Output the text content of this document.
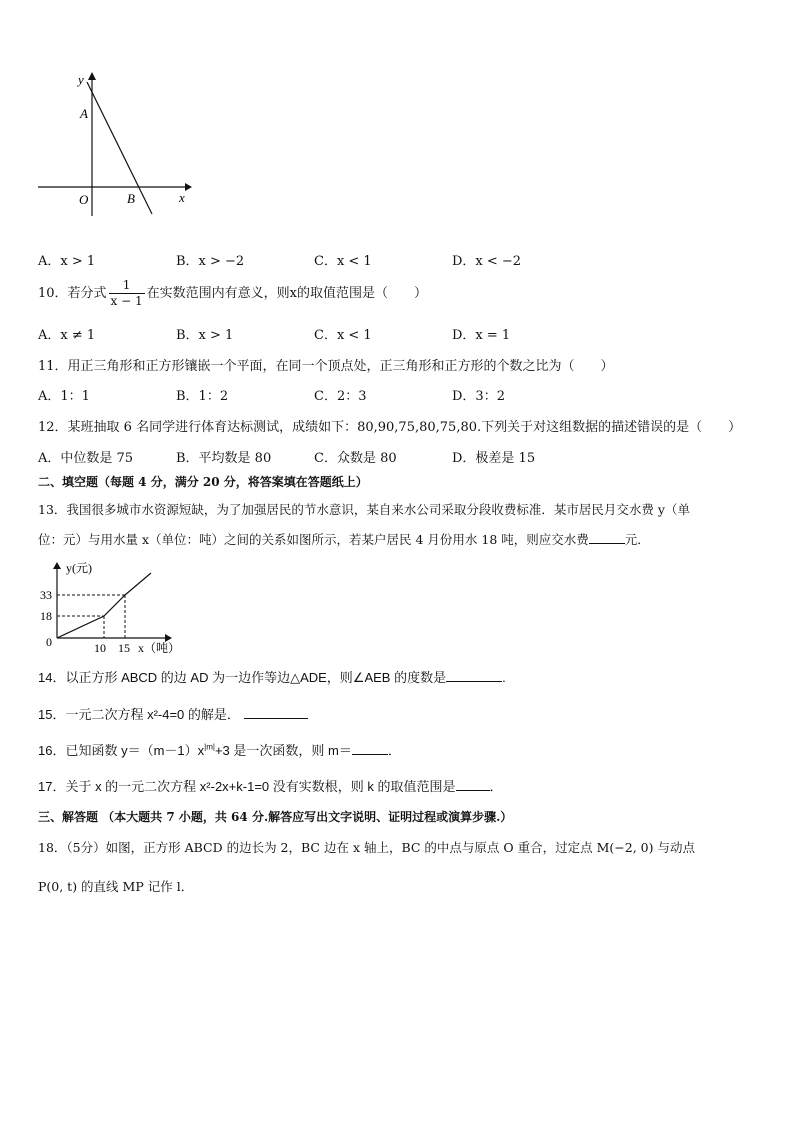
y
x
A
O	B
A．x > 1	B．x > −2	C．x < 1	D．x < −2
10．若分式 $\frac{1}{x - 1}$ 在实数范围内有意义，则x的取值范围是（　　）
A．x ≠ 1	B．x > 1	C．x < 1	D．x = 1
11．用正三角形和正方形镶嵌一个平面，在同一个顶点处，正三角形和正方形的个数之比为（　　）
A．1：1	B．1：2	C．2：3	D．3：2
12．某班抽取 6 名同学进行体育达标测试，成绩如下：80,90,75,80,75,80.下列关于对这组数据的描述错误的是（　　）
A．中位数是 75	B．平均数是 80	C．众数是 80	D．极差是 15
二、填空题（每题 4 分，满分 20 分，将答案填在答题纸上）
13．我国很多城市水资源短缺，为了加强居民的节水意识，某自来水公司采取分段收费标准．某市居民月交水费 y（单
位：元）与用水量 x（单位：吨）之间的关系如图所示，若某户居民 4 月份用水 18 吨，则应交水费	元．
y(元)
33
18
0	10 15 x（吨）
14．以正方形 ABCD 的边 AD 为一边作等边△ADE，则∠AEB 的度数是	.
15．一元二次方程 x²-4=0 的解是．
16．已知函数 $y=(m-1)x^{|m|}+3$ 是一次函数，则 m＝	．
17．关于 x 的一元二次方程 x²-2x+k-1=0 没有实数根，则 k 的取值范围是	．
三、解答题 （本大题共 7 小题，共 64 分.解答应写出文字说明、证明过程或演算步骤.）
18．（5分）如图，正方形 ABCD 的边长为 2，BC 边在 x 轴上，BC 的中点与原点 O 重合，过定点 M(−2, 0) 与动点
P(0, t) 的直线 MP 记作 l．
